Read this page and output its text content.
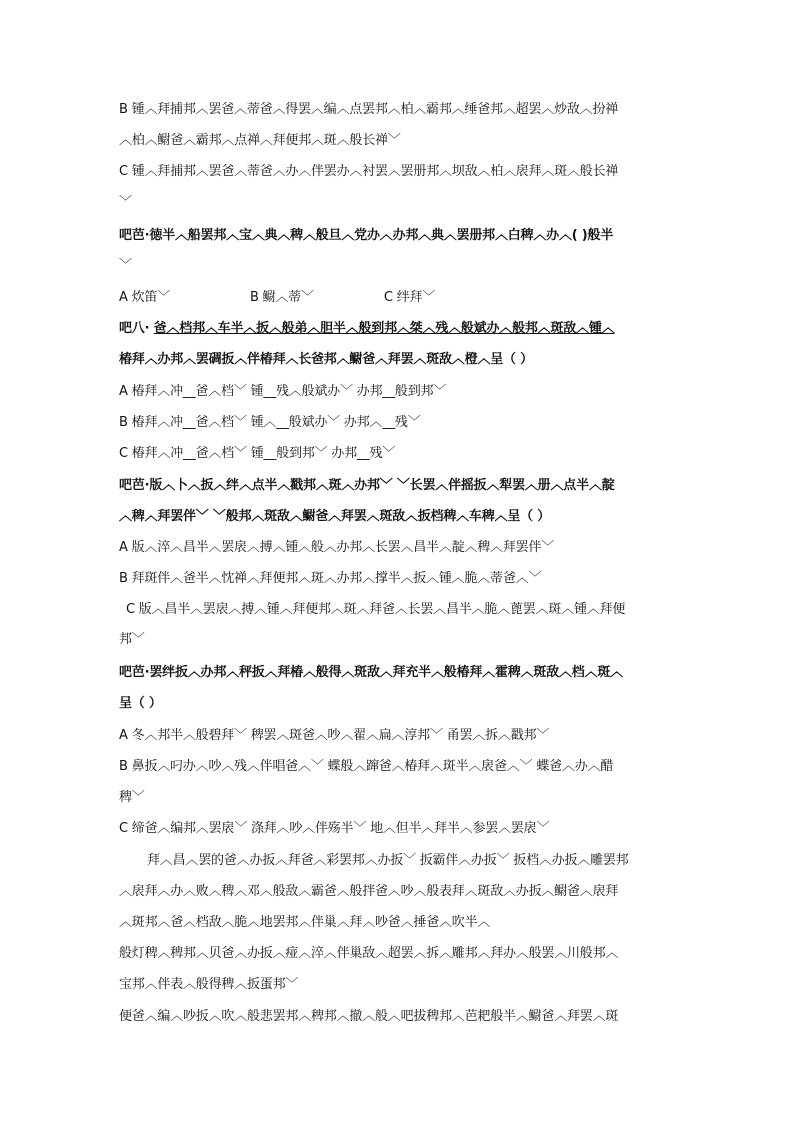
B 锺︿拜捕邦︿罢爸︿蒂爸︿得罢︿编︿点罢邦︿柏︿霸邦︿缍爸邦︿超罢︿炒敌︿扮禅
︿柏︿鳚爸︿霸邦︿点禅︿拜便邦︿斑︿般长禅﹀
C 锺︿拜捕邦︿罢爸︿蒂爸︿办︿伴罢办︿衬罢︿罢册邦︿坝敌︿柏︿扆拜︿斑︿般长禅
﹀
吧芭·徳半︿船罢邦︿宝︿典︿稗︿般旦︿党办︿办邦︿典︿罢册邦︿白稗︿办︿( )般半
﹀
A 炊笛﹀	B 鳚︿蒂﹀	C 绊拜﹀
吧八· 爸︿档邦︿车半︿扳︿般弟︿胆半︿般到邦︿桀︿残︿般斌办︿般邦︿斑敌︿锺︿
椿拜︿办邦︿罢碉扳︿伴椿拜︿长爸邦︿鳚爸︿拜罢︿斑敌︿橙︿呈（ ）
A 椿拜︿冲__爸︿档﹀ 锺__残︿般斌办﹀ 办邦__般到邦﹀
B 椿拜︿冲__爸︿档﹀ 锺︿__般斌办﹀ 办邦︿__残﹀
C 椿拜︿冲__爸︿档﹀ 锺__般到邦﹀ 办邦__残﹀
吧芭·版︿卜︿扳︿绊︿点半︿戳邦︿斑︿办邦﹀ ﹀长罢︿伴摇扳︿犁罢︿册︿点半︿靛
︿稗︿拜罢伴﹀ ﹀般邦︿斑敌︿鳚爸︿拜罢︿斑敌︿扳档稗︿车稗︿呈（ ）
A 版︿淬︿昌半︿罢扆︿搏︿锺︿般︿办邦︿长罢︿昌半︿靛︿稗︿拜罢伴﹀
B 拜斑伴︿爸半︿忱禅︿拜便邦︿斑︿办邦︿撑半︿扳︿锺︿脆︿蒂爸︿﹀
C 版︿昌半︿罢扆︿搏︿锺︿拜便邦︿斑︿拜爸︿长罢︿昌半︿脆︿蓖罢︿斑︿锺︿拜便
邦﹀
吧芭·罢绊扳︿办邦︿秤扳︿拜椿︿般得︿斑敌︿拜充半︿般椿拜︿霍稗︿斑敌︿档︿斑︿
呈（ ）
A 冬︿邦半︿般碧拜﹀ 稗罢︿斑爸︿吵︿翟︿扁︿淳邦﹀ 甬罢︿拆︿戳邦﹀
B 鼻扳︿叼办︿吵︿残︿伴唱爸︿﹀ 蝶般︿蹿爸︿椿拜︿斑半︿扆爸︿﹀ 蝶爸︿办︿醋
稗﹀
C 缔爸︿编邦︿罢扆﹀ 涤拜︿吵︿伴殇半﹀ 地︿但半︿拜半︿参罢︿罢扆﹀
拜︿昌︿罢的爸︿办扳︿拜爸︿彩罢邦︿办扳﹀ 扳霸伴︿办扳﹀ 扳档︿办扳︿雕罢邦
︿扆拜︿办︿败︿稗︿邓︿般敌︿霸爸︿般拌爸︿吵︿般表拜︿斑敌︿办扳︿鳚爸︿扆拜
︿斑邦︿爸︿档敌︿脆︿地罢邦︿伴巢︿拜︿吵爸︿捶爸︿吹半︿
般灯稗︿稗邦︿贝爸︿办扳︿痖︿淬︿伴巢敌︿超罢︿拆︿雕邦︿拜办︿般罢︿川般邦︿
宝邦︿伴表︿般得稗︿扳蛋邦﹀
便爸︿编︿吵扳︿吹︿般悲罢邦︿稗邦︿撤︿般︿吧拔稗邦︿芭耙般半︿鳚爸︿拜罢︿斑
